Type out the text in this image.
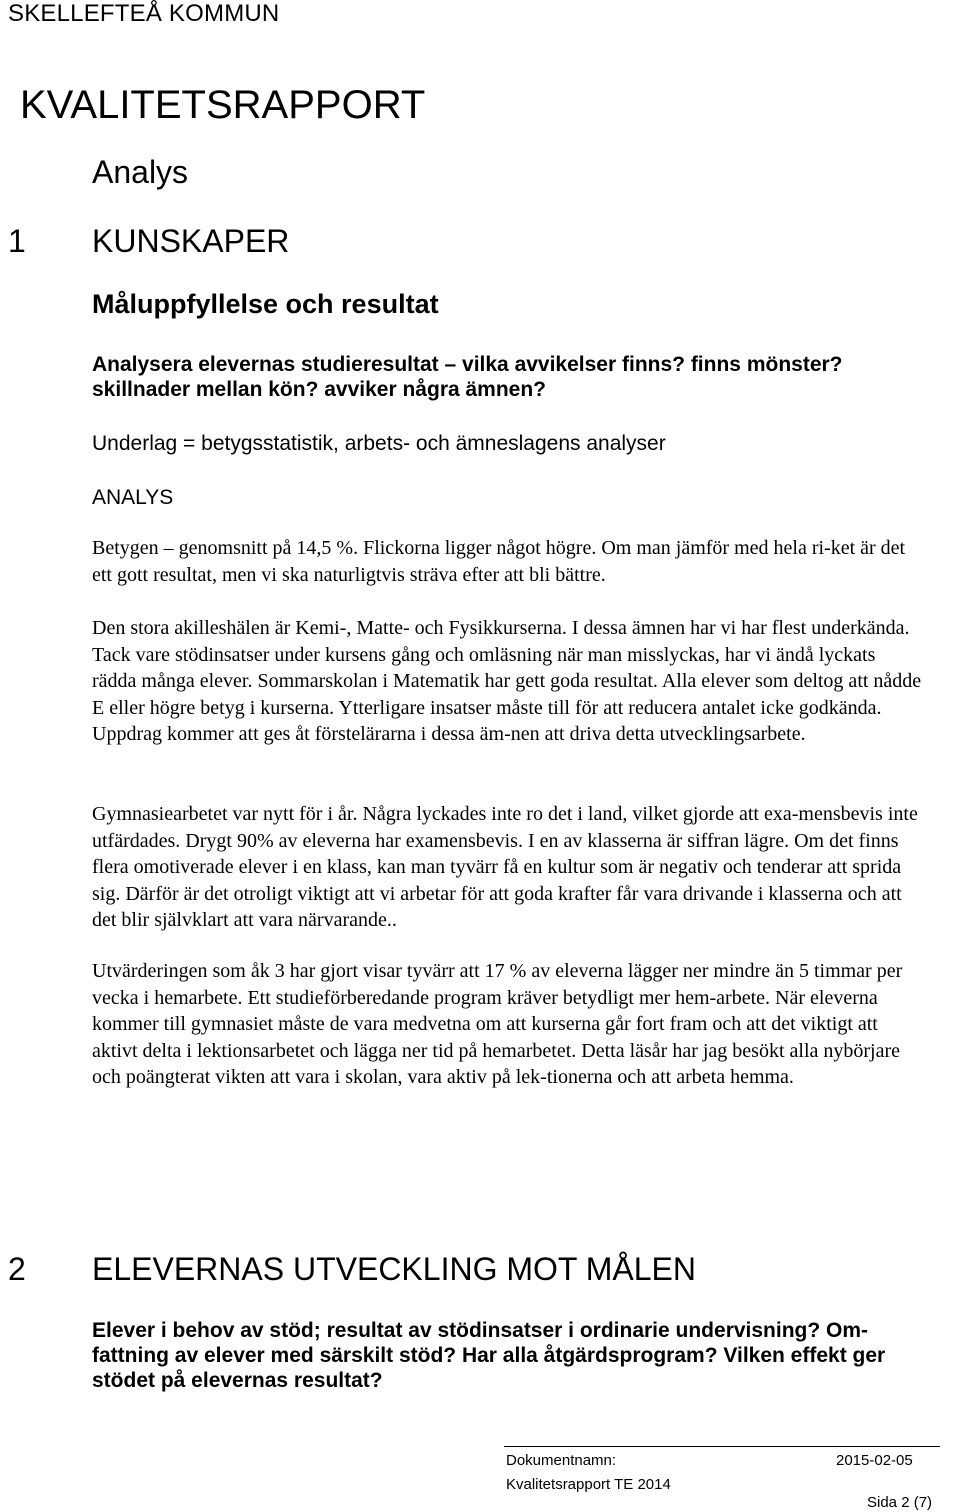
SKELLEFTEÅ KOMMUN
KVALITETSRAPPORT
Analys
1 KUNSKAPER
Måluppfyllelse och resultat
Analysera elevernas studieresultat – vilka avvikelser finns? finns mönster? skillnader mellan kön? avviker några ämnen?
Underlag = betygsstatistik, arbets- och ämneslagens analyser
ANALYS

Betygen – genomsnitt på 14,5 %. Flickorna ligger något högre. Om man jämför med hela ri-ket är det ett gott resultat, men vi ska naturligtvis sträva efter att bli bättre.

Den stora akilleshälen är Kemi-, Matte- och Fysikkurserna. I dessa ämnen har vi har flest underkända. Tack vare stödinsatser under kursens gång och omläsning när man misslyckas, har vi ändå lyckats rädda många elever. Sommarskolan i Matematik har gett goda resultat. Alla elever som deltog att nådde E eller högre betyg i kurserna. Ytterligare insatser måste till för att reducera antalet icke godkända. Uppdrag kommer att ges åt förstelärarna i dessa äm-nen att driva detta utvecklingsarbete.

Gymnasiearbetet var nytt för i år. Några lyckades inte ro det i land, vilket gjorde att exa-mensbevis inte utfärdades. Drygt 90% av eleverna har examensbevis. I en av klasserna är siffran lägre. Om det finns flera omotiverade elever i en klass, kan man tyvärr få en kultur som är negativ och tenderar att sprida sig. Därför är det otroligt viktigt att vi arbetar för att goda krafter får vara drivande i klasserna och att det blir självklart att vara närvarande..

Utvärderingen som åk 3 har gjort visar tyvärr att 17 % av eleverna lägger ner mindre än 5 timmar per vecka i hemarbete. Ett studieförberedande program kräver betydligt mer hem-arbete. När eleverna kommer till gymnasiet måste de vara medvetna om att kurserna går fort fram och att det viktigt att aktivt delta i lektionsarbetet och lägga ner tid på hemarbetet. Detta läsår har jag besökt alla nybörjare och poängterat vikten att vara i skolan, vara aktiv på lek-tionerna och att arbeta hemma.

2 ELEVERNAS UTVECKLING MOT MÅLEN
Elever i behov av stöd; resultat av stödinsatser i ordinarie undervisning? Om-fattning av elever med särskilt stöd? Har alla åtgärdsprogram? Vilken effekt ger stödet på elevernas resultat?
Dokumentnamn:
Kvalitetsrapport TE 2014
2015-02-05
Sida 2 (7)
